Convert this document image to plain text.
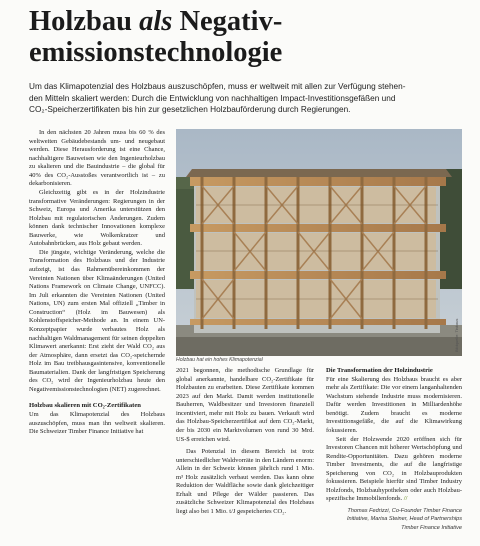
Holzbau als Negativ-
emissionstechnologie
Um das Klimapotenzial des Holzbaus auszuschöpfen, muss er weltweit mit allen zur Verfügung stehen-
den Mitteln skaliert werden: Durch die Entwicklung von nachhaltigen Impact-Investitionsgefäßen und
CO₂-Speicherzertifikaten bis hin zur gesetzlichen Holzbauförderung durch Regierungen.

In den nächsten 20 Jahren muss bis 60 % des weltweiten Gebäudebestands um- und neugebaut werden. Diese Herausforderung ist eine Chance, nachhaltigere Bauweisen wie den Ingenieurholzbau zu skalieren und die Bauindustrie – die global für 40% des CO₂-Ausstoßes verantwortlich ist – zu dekarbonisieren.

Gleichzeitig gibt es in der Holzindustrie transformative Veränderungen: Regierungen in der Schweiz, Europa und Amerika unterstützen den Holzbau mit regulatorischen Änderungen. Zudem können dank technischer Innovationen komplexe Bauwerke, wie Wolkenkratzer und Autobahnbrücken, aus Holz gebaut werden.

Die jüngste, wichtige Veränderung, welche die Transformation des Holzbaus und der Industrie aufzeigt, ist das Rahmenübereinkommen der Vereinten Nationen über Klimaänderungen (United Nations Framework on Climate Change, UNFCC). Im Juli erkannten die Vereinten Nationen (United Nations, UN) zum ersten Mal offiziell „Timber in Construction“ (Holz im Bauwesen) als Kohlenstoffspeicher-Methode an. In einem UN-Konzeptpapier wurde verbautes Holz als nachhaltigen Waldmanagement für seinen doppelten Klimawert anerkannt: Erst zieht der Wald CO₂ aus der Atmosphäre, dann ersetzt das CO₂-speichernde Holz im Bau treibhausgasintensive, konventionelle Baumaterialien. Dank der langfristigen Speicherung des CO₂ wird der Ingenieurholzbau heute den Negativemissionstechnologien (NET) zugerechnet.

Holzbau skalieren mit CO₂-Zertifikaten

Um das Klimapotenzial des Holzbaus auszuschöpfen, muss man ihn weltweit skalieren. Die Schweizer Timber Finance Initiative hat

Holzbau hat ein hohes Klimapotenzial
Bildquelle: Tinkaus

2021 begonnen, die methodische Grundlage für global anerkannte, handelbare CO₂-Zertifikate für Holzbauten zu erarbeiten. Diese Zertifikate kommen 2023 auf den Markt. Damit werden institutionelle Bauherren, Waldbesitzer und Investoren finanziell incentiviert, mehr mit Holz zu bauen. Verkauft wird das Holzbau-Speicherzertifikat auf dem CO₂-Markt, der bis 2030 ein Marktvolumen von rund 30 Mrd. US-$ erreichen wird.

Das Potenzial in diesem Bereich ist trotz unterschiedlicher Waldvorräte in den Ländern enorm: Allein in der Schweiz können jährlich rund 1 Mio. m³ Holz zusätzlich verbaut werden. Das kann ohne Reduktion der Waldfläche sowie dank gleichzeitiger Erhalt und Pflege der Wälder passieren. Das zusätzliche Schweizer Klimapotenzial des Holzbaus liegt also bei 1 Mio. t/J gespeichertes CO₂.

Die Transformation der Holzindustrie

Für eine Skalierung des Holzbaus braucht es aber mehr als Zertifikate: Die vor einem langanhaltenden Wachstum stehende Industrie muss modernisieren. Dafür werden Investitionen in Milliardenhöhe benötigt. Zudem braucht es moderne Investitionsgefäße, die auf die Klimawirkung fokussieren.

Seit der Holzwende 2020 eröffnen sich für Investoren Chancen mit höherer Wertschöpfung und Rendite-Opportunitäten. Dazu gehören moderne Timber Investments, die auf die langfristige Speicherung von CO₂ in Holzbauprodukten fokussieren. Beispiele hierfür sind Timber Industry Holzfonds, Holzbauhypotheken oder auch Holzbau-spezifische Immobilienfonds. //

Thomas Fedrizzi, Co-Founder Timber Finance
Initiative, Marisa Steiner, Head of Partnerships
Timber Finance Initiative
